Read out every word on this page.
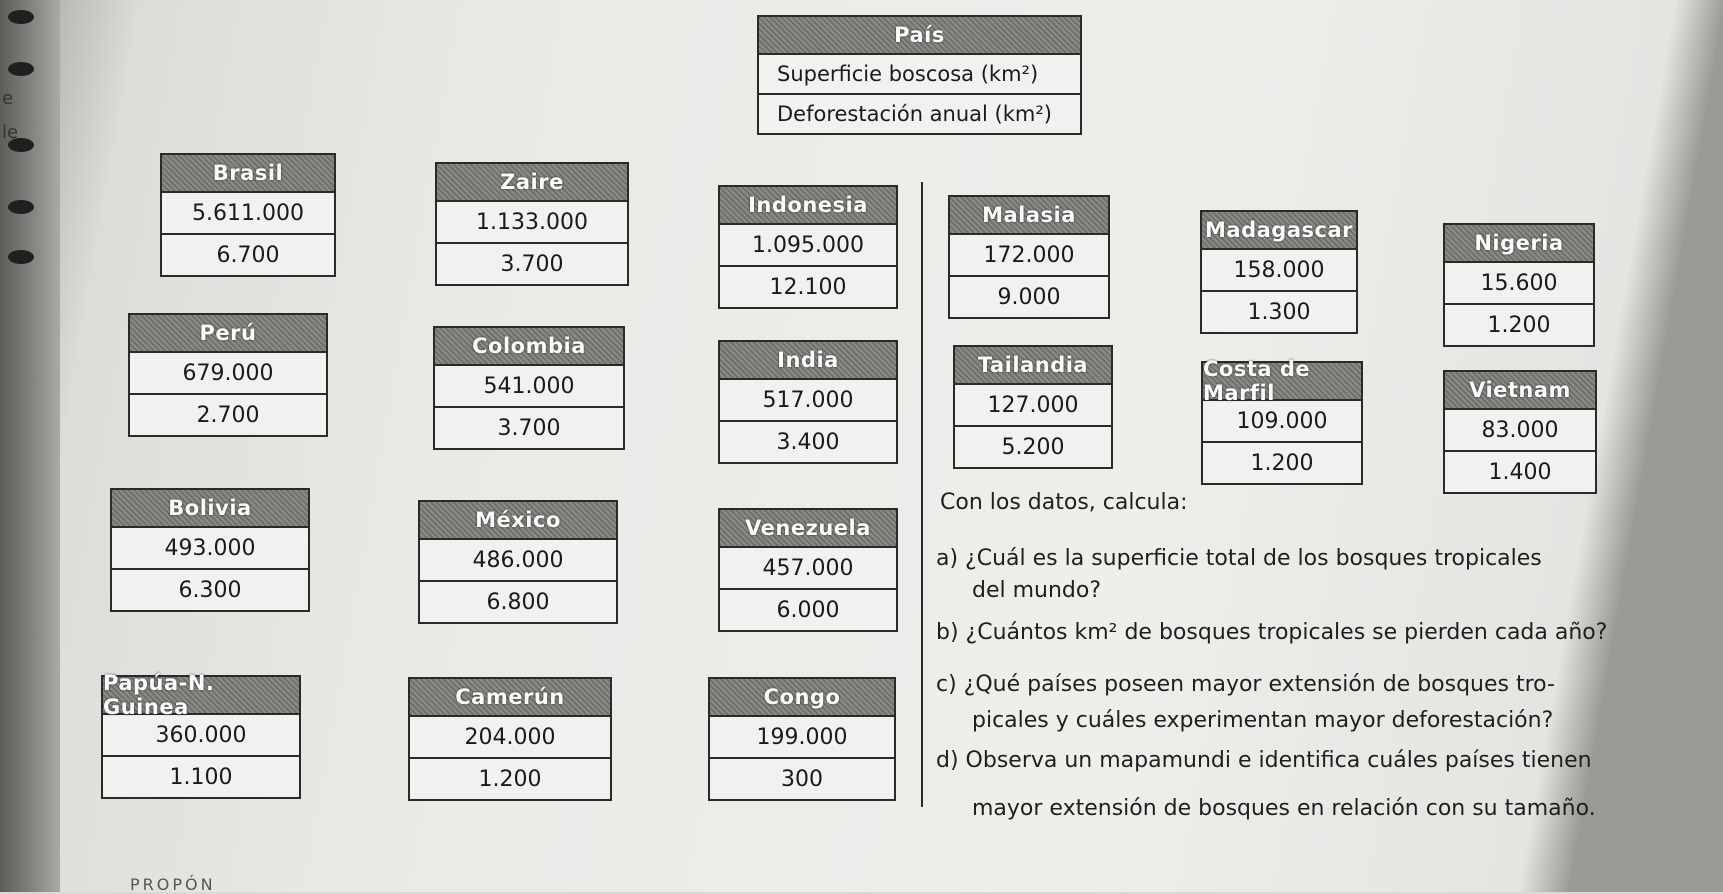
e
le
País
Superficie boscosa (km²)
Deforestación anual (km²)
Brasil
5.611.000
6.700
Zaire
1.133.000
3.700
Indonesia
1.095.000
12.100
Malasia
172.000
9.000
Madagascar
158.000
1.300
Nigeria
15.600
1.200
Perú
679.000
2.700
Colombia
541.000
3.700
India
517.000
3.400
Tailandia
127.000
5.200
Costa de Marfil
109.000
1.200
Vietnam
83.000
1.400
Bolivia
493.000
6.300
México
486.000
6.800
Venezuela
457.000
6.000
Papúa-N. Guinea
360.000
1.100
Camerún
204.000
1.200
Congo
199.000
300
Con los datos, calcula:
a) ¿Cuál es la superficie total de los bosques tropicales
del mundo?
b) ¿Cuántos km² de bosques tropicales se pierden cada año?
c) ¿Qué países poseen mayor extensión de bosques tro-
picales y cuáles experimentan mayor deforestación?
d) Observa un mapamundi e identifica cuáles países tienen
mayor extensión de bosques en relación con su tamaño.
PROPÓN
